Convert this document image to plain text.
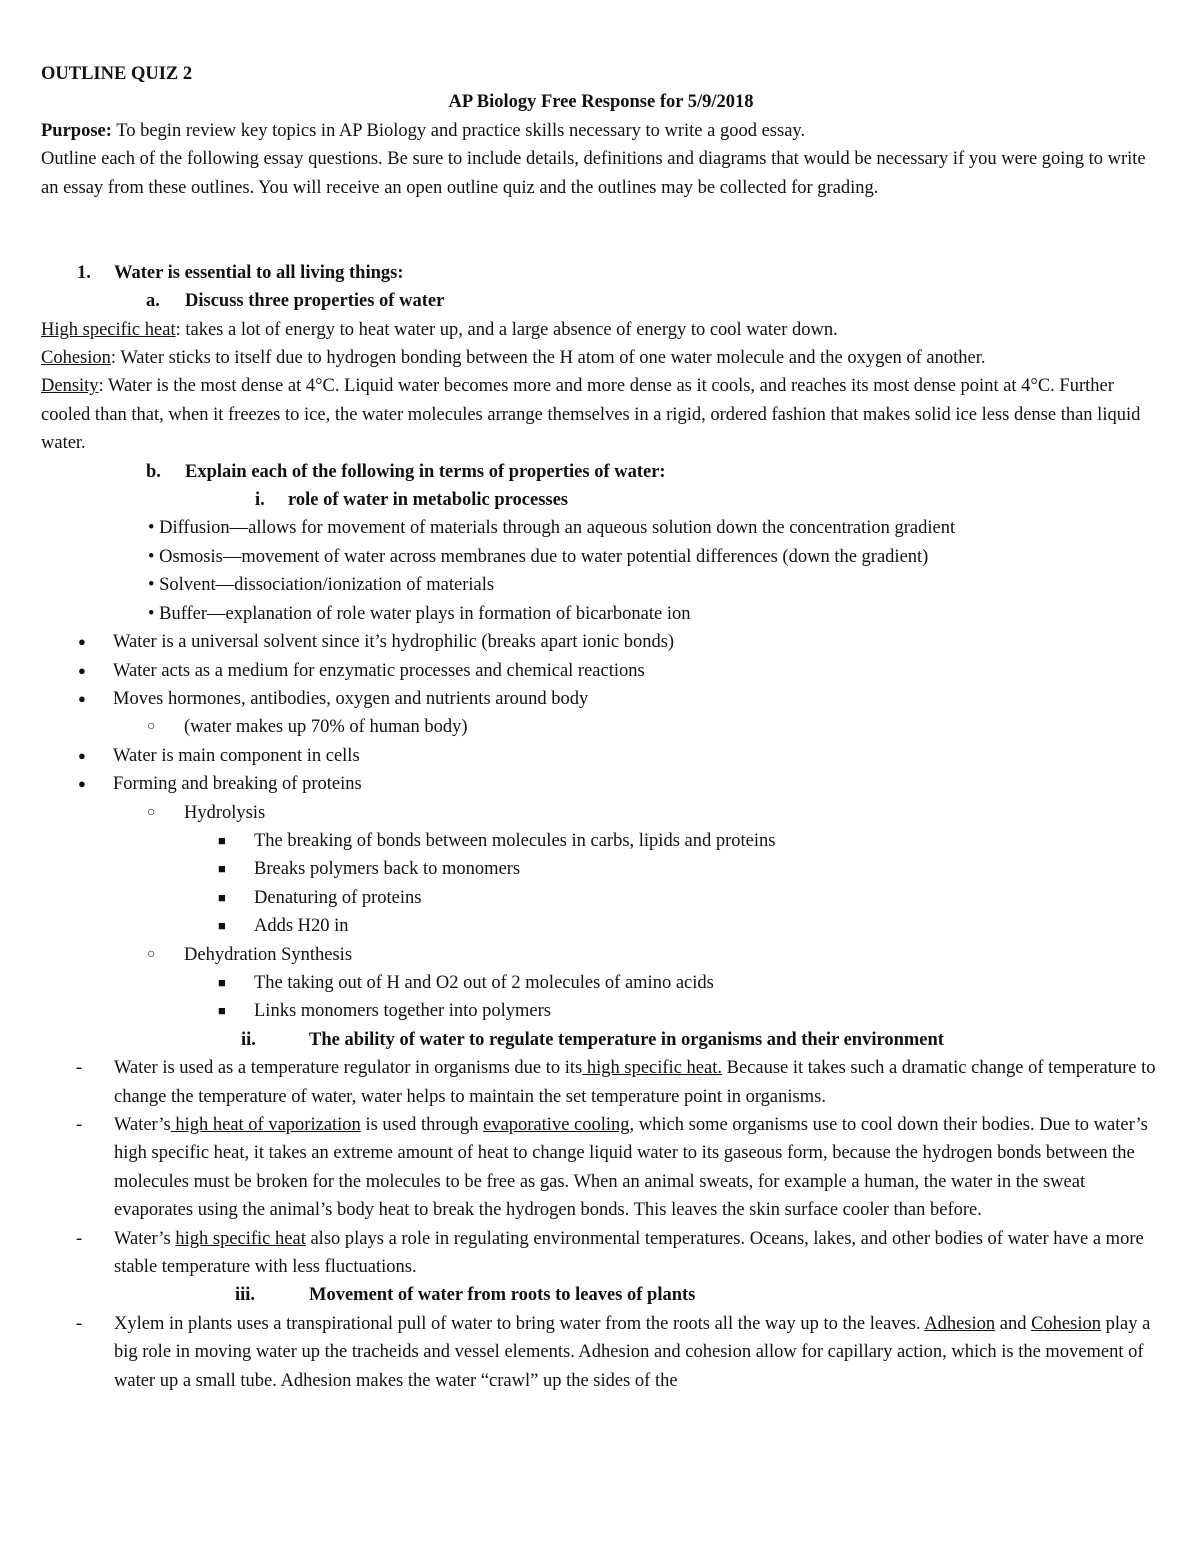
OUTLINE QUIZ 2
AP Biology Free Response for 5/9/2018
Purpose: To begin review key topics in AP Biology and practice skills necessary to write a good essay.
Outline each of the following essay questions. Be sure to include details, definitions and diagrams that would be necessary if you were going to write an essay from these outlines. You will receive an open outline quiz and the outlines may be collected for grading.
1. Water is essential to all living things:
a. Discuss three properties of water
High specific heat: takes a lot of energy to heat water up, and a large absence of energy to cool water down.
Cohesion: Water sticks to itself due to hydrogen bonding between the H atom of one water molecule and the oxygen of another.
Density: Water is the most dense at 4°C. Liquid water becomes more and more dense as it cools, and reaches its most dense point at 4°C. Further cooled than that, when it freezes to ice, the water molecules arrange themselves in a rigid, ordered fashion that makes solid ice less dense than liquid water.
b. Explain each of the following in terms of properties of water:
i. role of water in metabolic processes
• Diffusion—allows for movement of materials through an aqueous solution down the concentration gradient
• Osmosis—movement of water across membranes due to water potential differences (down the gradient)
• Solvent—dissociation/ionization of materials
• Buffer—explanation of role water plays in formation of bicarbonate ion
● Water is a universal solvent since it’s hydrophilic (breaks apart ionic bonds)
● Water acts as a medium for enzymatic processes and chemical reactions
● Moves hormones, antibodies, oxygen and nutrients around body
○ (water makes up 70% of human body)
● Water is main component in cells
● Forming and breaking of proteins
○ Hydrolysis
■ The breaking of bonds between molecules in carbs, lipids and proteins
■ Breaks polymers back to monomers
■ Denaturing of proteins
■ Adds H20 in
○ Dehydration Synthesis
■ The taking out of H and O2 out of 2 molecules of amino acids
■ Links monomers together into polymers
ii.	The ability of water to regulate temperature in organisms and their environment
- Water is used as a temperature regulator in organisms due to its high specific heat. Because it takes such a dramatic change of temperature to change the temperature of water, water helps to maintain the set temperature point in organisms.
- Water’s high heat of vaporization is used through evaporative cooling, which some organisms use to cool down their bodies. Due to water’s high specific heat, it takes an extreme amount of heat to change liquid water to its gaseous form, because the hydrogen bonds between the molecules must be broken for the molecules to be free as gas. When an animal sweats, for example a human, the water in the sweat evaporates using the animal’s body heat to break the hydrogen bonds. This leaves the skin surface cooler than before.
- Water’s high specific heat also plays a role in regulating environmental temperatures. Oceans, lakes, and other bodies of water have a more stable temperature with less fluctuations.
iii.	Movement of water from roots to leaves of plants
- Xylem in plants uses a transpirational pull of water to bring water from the roots all the way up to the leaves. Adhesion and Cohesion play a big role in moving water up the tracheids and vessel elements. Adhesion and cohesion allow for capillary action, which is the movement of water up a small tube. Adhesion makes the water “crawl” up the sides of the
